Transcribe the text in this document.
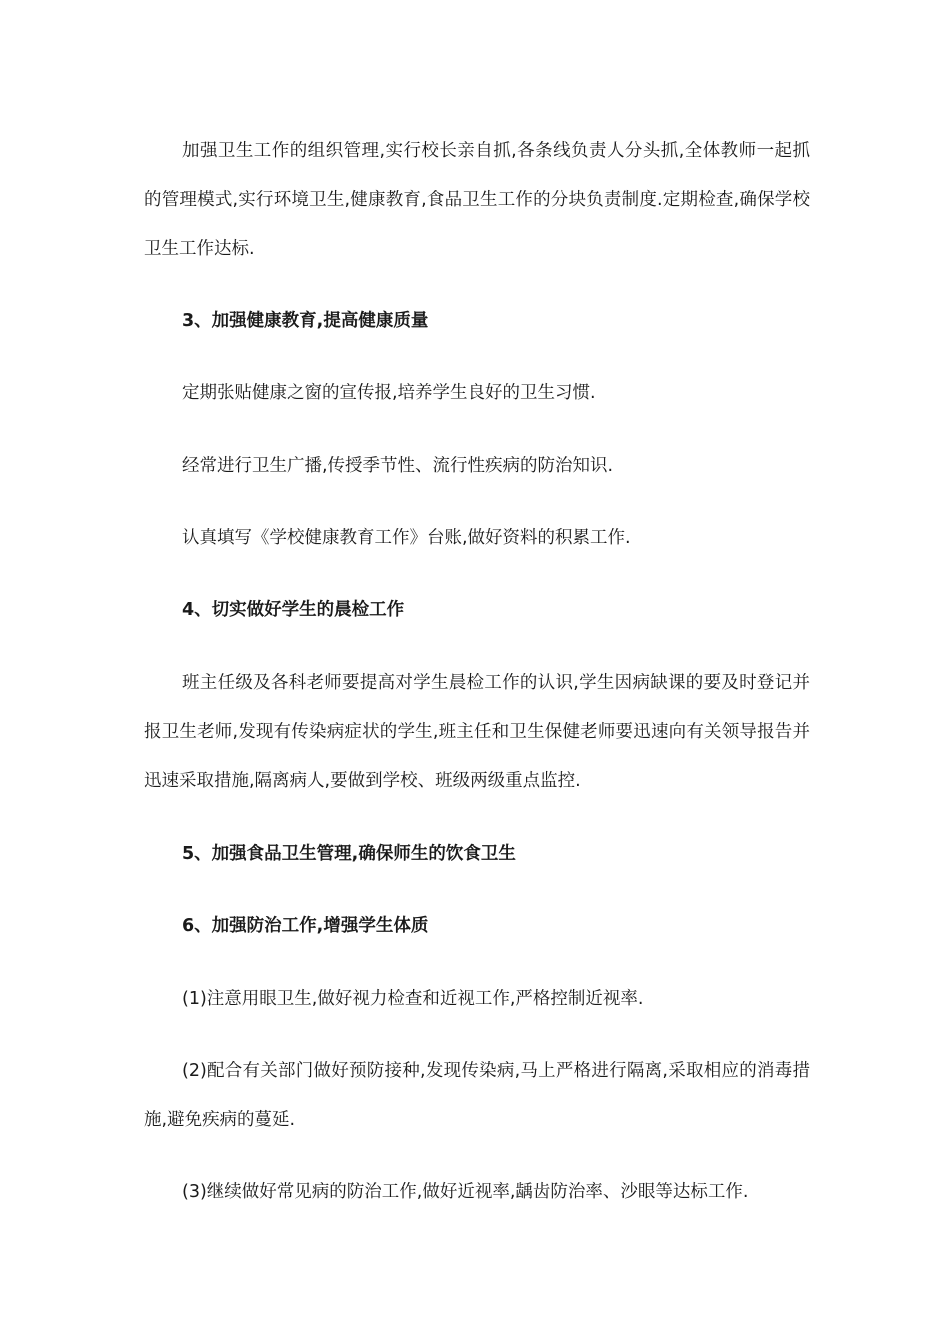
加强卫生工作的组织管理,实行校长亲自抓,各条线负责人分头抓,全体教师一起抓的管理模式,实行环境卫生,健康教育,食品卫生工作的分块负责制度.定期检查,确保学校卫生工作达标.

3、加强健康教育,提高健康质量

定期张贴健康之窗的宣传报,培养学生良好的卫生习惯.

经常进行卫生广播,传授季节性、流行性疾病的防治知识.

认真填写《学校健康教育工作》台账,做好资料的积累工作.

4、切实做好学生的晨检工作

班主任级及各科老师要提高对学生晨检工作的认识,学生因病缺课的要及时登记并报卫生老师,发现有传染病症状的学生,班主任和卫生保健老师要迅速向有关领导报告并迅速采取措施,隔离病人,要做到学校、班级两级重点监控.

5、加强食品卫生管理,确保师生的饮食卫生

6、加强防治工作,增强学生体质

(1)注意用眼卫生,做好视力检查和近视工作,严格控制近视率.

(2)配合有关部门做好预防接种,发现传染病,马上严格进行隔离,采取相应的消毒措施,避免疾病的蔓延.

(3)继续做好常见病的防治工作,做好近视率,龋齿防治率、沙眼等达标工作.
